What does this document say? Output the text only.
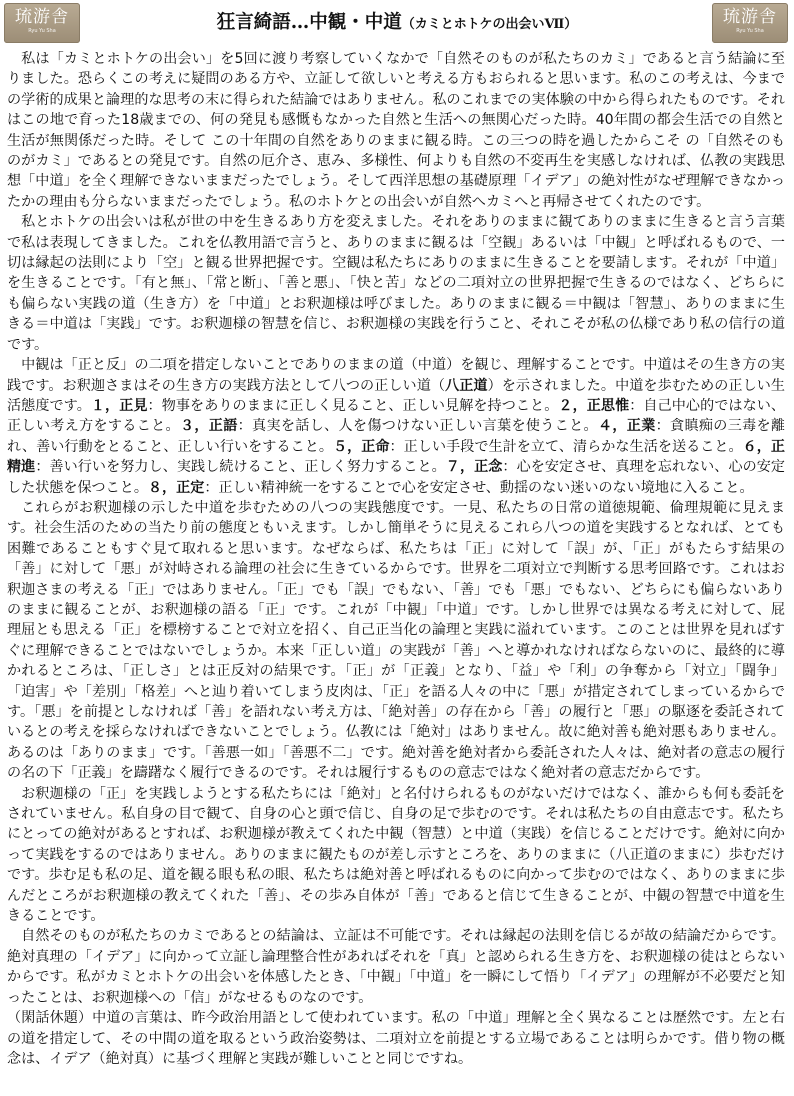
琉游舎
Ryu Yu Sha
琉游舎
Ryu Yu Sha
狂言綺語…中観・中道（カミとホトケの出会いⅦ）

私は「カミとホトケの出会い」を5回に渡り考察していくなかで「自然そのものが私たちのカミ」であると言う結論に至りました。恐らくこの考えに疑問のある方や、立証して欲しいと考える方もおられると思います。私のこの考えは、今までの学術的成果と論理的な思考の末に得られた結論ではありません。私のこれまでの実体験の中から得られたものです。それはこの地で育った18歳までの、何の発見も感慨もなかった自然と生活への無関心だった時。40年間の都会生活での自然と生活が無関係だった時。そして この十年間の自然をありのままに観る時。この三つの時を過したからこそ の「自然そのものがカミ」であるとの発見です。自然の厄介さ、恵み、多様性、何よりも自然の不変再生を実感しなければ、仏教の実践思想「中道」を全く理解できないままだったでしょう。そして西洋思想の基礎原理「イデア」の絶対性がなぜ理解できなかったかの理由も分らないままだったでしょう。私のホトケとの出会いが自然へカミへと再帰させてくれたのです。

私とホトケの出会いは私が世の中を生きるあり方を変えました。それをありのままに観てありのままに生きると言う言葉で私は表現してきました。これを仏教用語で言うと、ありのままに観るは「空観」あるいは「中観」と呼ばれるもので、一切は縁起の法則により「空」と観る世界把握です。空観は私たちにありのままに生きることを要請します。それが「中道」を生きることです。「有と無」、「常と断」、「善と悪」、「快と苦」などの二項対立の世界把握で生きるのではなく、どちらにも偏らない実践の道（生き方）を「中道」とお釈迦様は呼びました。ありのままに観る＝中観は「智慧」、ありのままに生きる＝中道は「実践」です。お釈迦様の智慧を信じ、お釈迦様の実践を行うこと、それこそが私の仏様であり私の信行の道です。

中観は「正と反」の二項を措定しないことでありのままの道（中道）を観じ、理解することです。中道はその生き方の実践です。お釈迦さまはその生き方の実践方法として八つの正しい道（八正道）を示されました。中道を歩むための正しい生活態度です。１，正見：物事をありのままに正しく見ること、正しい見解を持つこと。２，正思惟：自己中心的ではない、正しい考え方をすること。３，正語：真実を話し、人を傷つけない正しい言葉を使うこと。４，正業：貪瞋痴の三毒を離れ、善い行動をとること、正しい行いをすること。５，正命：正しい手段で生計を立て、清らかな生活を送ること。６，正精進：善い行いを努力し、実践し続けること、正しく努力すること。７，正念：心を安定させ、真理を忘れない、心の安定した状態を保つこと。８，正定：正しい精神統一をすることで心を安定させ、動揺のない迷いのない境地に入ること。

これらがお釈迦様の示した中道を歩むための八つの実践態度です。一見、私たちの日常の道徳規範、倫理規範に見えます。社会生活のための当たり前の態度ともいえます。しかし簡単そうに見えるこれら八つの道を実践するとなれば、とても困難であることもすぐ見て取れると思います。なぜならば、私たちは「正」に対して「誤」が、「正」がもたらす結果の「善」に対して「悪」が対峙される論理の社会に生きているからです。世界を二項対立で判断する思考回路です。これはお釈迦さまの考える「正」ではありません。「正」でも「誤」でもない、「善」でも「悪」でもない、どちらにも偏らないありのままに観ることが、お釈迦様の語る「正」です。これが「中観」「中道」です。しかし世界では異なる考えに対して、屁理屈とも思える「正」を標榜することで対立を招く、自己正当化の論理と実践に溢れています。このことは世界を見ればすぐに理解できることではないでしょうか。本来「正しい道」の実践が「善」へと導かれなければならないのに、最終的に導かれるところは、「正しさ」とは正反対の結果です。「正」が「正義」となり、「益」や「利」の争奪から「対立」「闘争」「迫害」や「差別」「格差」へと辿り着いてしまう皮肉は、「正」を語る人々の中に「悪」が措定されてしまっているからです。「悪」を前提としなければ「善」を語れない考え方は、「絶対善」の存在から「善」の履行と「悪」の駆逐を委託されているとの考えを採らなければできないことでしょう。仏教には「絶対」はありません。故に絶対善も絶対悪もありません。あるのは「ありのまま」です。「善悪一如」「善悪不二」です。絶対善を絶対者から委託された人々は、絶対者の意志の履行の名の下「正義」を躊躇なく履行できるのです。それは履行するものの意志ではなく絶対者の意志だからです。

お釈迦様の「正」を実践しようとする私たちには「絶対」と名付けられるものがないだけではなく、誰からも何も委託をされていません。私自身の目で観て、自身の心と頭で信じ、自身の足で歩むのです。それは私たちの自由意志です。私たちにとっての絶対があるとすれば、お釈迦様が教えてくれた中観（智慧）と中道（実践）を信じることだけです。絶対に向かって実践をするのではありません。ありのままに観たものが差し示すところを、ありのままに（八正道のままに）歩むだけです。歩む足も私の足、道を観る眼も私の眼、私たちは絶対善と呼ばれるものに向かって歩むのではなく、ありのままに歩んだところがお釈迦様の教えてくれた「善」、その歩み自体が「善」であると信じて生きることが、中観の智慧で中道を生きることです。

自然そのものが私たちのカミであるとの結論は、立証は不可能です。それは縁起の法則を信じるが故の結論だからです。絶対真理の「イデア」に向かって立証し論理整合性があればそれを「真」と認められる生き方を、お釈迦様の徒はとらないからです。私がカミとホトケの出会いを体感したとき、「中観」「中道」を一瞬にして悟り「イデア」の理解が不必要だと知ったことは、お釈迦様への「信」がなせるものなのです。

（閑話休題）中道の言葉は、昨今政治用語として使われています。私の「中道」理解と全く異なることは歴然です。左と右の道を措定して、その中間の道を取るという政治姿勢は、二項対立を前提とする立場であることは明らかです。借り物の概念は、イデア（絶対真）に基づく理解と実践が難しいことと同じですね。
